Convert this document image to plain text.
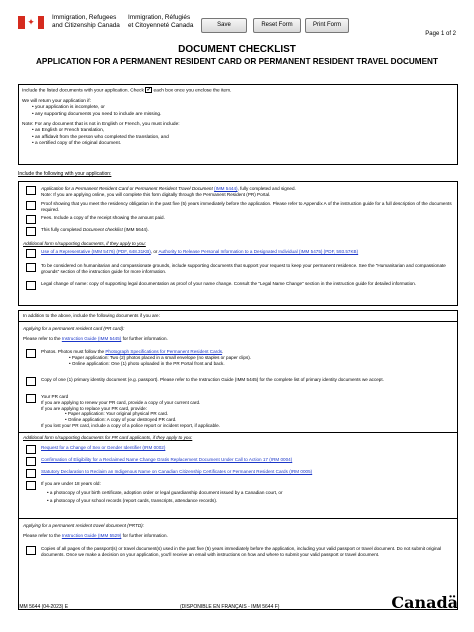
✦	Immigration, Refugees
and Citizenship Canada
Immigration, Réfugiés
et Citoyenneté Canada	Save	Reset Form	Print Form
Page 1 of 2
DOCUMENT CHECKLIST
APPLICATION FOR A PERMANENT RESIDENT CARD OR PERMANENT RESIDENT TRAVEL DOCUMENT
Include the listed documents with your application. Check ✔ each box once you enclose the item.
We will return your application if:
• your application is incomplete, or
• any supporting documents you need to include are missing.
Note: For any document that is not in English or French, you must include:
• an English or French translation,
• an affidavit from the person who completed the translation, and
• a certified copy of the original document.
Include the following with your application:
Application for a Permanent Resident Card or Permanent Resident Travel Document (IMM 5444), fully completed and signed.
Note: If you are applying online, you will complete this form digitally through the Permanent Resident (PR) Portal.
Proof showing that you meet the residency obligation in the past five (5) years immediately before the application. Please refer to Appendix A of the instruction guide for a full description of the documents required.
Fees. Include a copy of the receipt showing the amount paid.
This fully completed Document checklist (IMM 5644).
Additional form s/supporting documents, if they apply to you:
Use of a Representative (IMM 5476) (PDF, 648.31KB), or Authority to Release Personal Information to a Designated Individual (IMM 5475) (PDF, 593.57KB)
To be considered on humanitarian and compassionate grounds, include supporting documents that support your request to keep your permanent residence. See the "Humanitarian and compassionate grounds" section of the instruction guide for more information.
Legal change of name: copy of supporting legal documentation as proof of your name change. Consult the "Legal Name Change" section in the instruction guide for detailed information.
In addition to the above, include the following documents if you are:
Applying for a permanent resident card (PR card):
Please refer to the Instruction Guide (IMM 5445) for further information.
Photos. Photos must follow the Photograph Specifications for Permanent Resident Cards.
• Paper application: Two (2) photos placed in a small envelope (no staples or paper clips).
• Online application: One (1) photo uploaded in the PR Portal front and back.
Copy of one (1) primary identity document (e.g. passport). Please refer to the Instruction Guide (IMM 5445) for the complete list of primary identity documents we accept.
Your PR card
If you are applying to renew your PR card, provide a copy of your current card.
If you are applying to replace your PR card, provide:
• Paper application: Your original physical PR card.
• Online application: A copy of your destroyed PR card.
If you lost your PR card, include a copy of a police report or incident report, if applicable.
Additional form s/supporting documents for PR card applicants, if they apply to you:
Request for a Change of Sex or Gender Identifier (IRM 0002)
Confirmation of Eligibility for a Reclaimed Name Change Gratis Replacement Document Under Call to Action 17 (IRM 0004)
Statutory Declaration to Reclaim an Indigenous Name on Canadian Citizenship Certificates or Permanent Resident Cards (IRM 0005)
If you are under 18 years old:
• a photocopy of your birth certificate, adoption order or legal guardianship document issued by a Canadian court, or
• a photocopy of your school records (report cards, transcripts, attendance records).
Applying for a permanent resident travel document (PRTD):
Please refer to the Instruction Guide (IMM 5529) for further information.
Copies of all pages of the passport(s) or travel document(s) used in the past five (5) years immediately before the application, including your valid passport or travel document. Do not submit original documents. Once we make a decision on your application, you'll receive an email with instructions on how and where to submit your valid passport or travel document.
IMM 5644 (04-2023) E	(DISPONIBLE EN FRANÇAIS - IMM 5644 F)	Canadä
